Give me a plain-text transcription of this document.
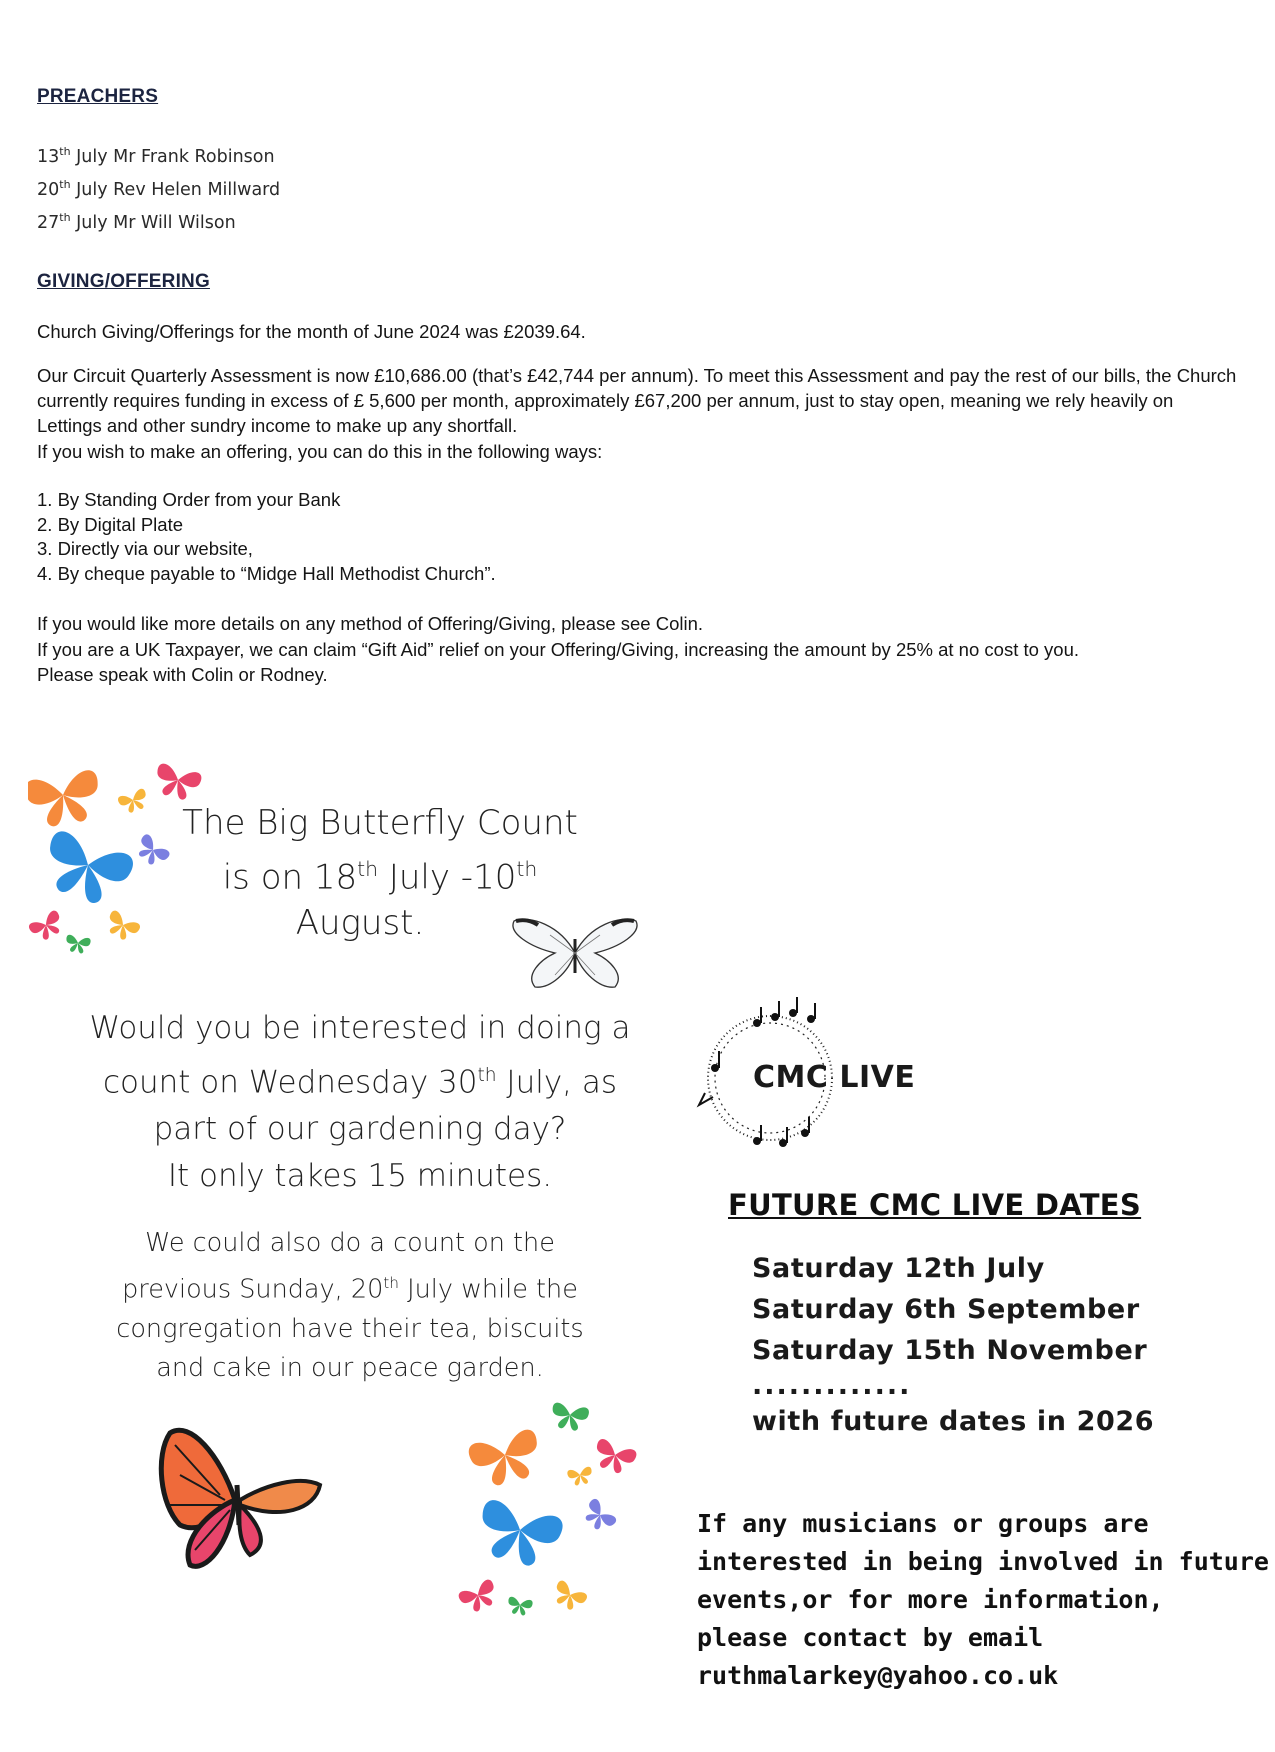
PREACHERS
13th July Mr Frank Robinson
20th July Rev Helen Millward
27th July Mr Will Wilson
GIVING/OFFERING
Church Giving/Offerings for the month of June 2024 was £2039.64.
Our Circuit Quarterly Assessment is now £10,686.00 (that’s £42,744 per annum). To meet this Assessment and pay the rest of our bills, the Church currently requires funding in excess of £ 5,600 per month, approximately £67,200 per annum, just to stay open, meaning we rely heavily on Lettings and other sundry income to make up any shortfall.
If you wish to make an offering, you can do this in the following ways:
1. By Standing Order from your Bank
2. By Digital Plate
3. Directly via our website,
4. By cheque payable to “Midge Hall Methodist Church”.
If you would like more details on any method of Offering/Giving, please see Colin.
If you are a UK Taxpayer, we can claim “Gift Aid” relief on your Offering/Giving, increasing the amount by 25% at no cost to you.
Please speak with Colin or Rodney.
The Big Butterfly Count
is on 18th July -10th
August.
Would you be interested in doing a
count on Wednesday 30th July, as
part of our gardening day?
It only takes 15 minutes.
We could also do a count on the
previous Sunday, 20th July while the
congregation have their tea, biscuits
and cake in our peace garden.
CMC LIVE
FUTURE CMC LIVE DATES
Saturday 12th July
Saturday 6th September
Saturday 15th November
.............
with future dates in 2026
If any musicians or groups are
interested in being involved in future
events,or for more information,
please contact by email
ruthmalarkey@yahoo.co.uk
